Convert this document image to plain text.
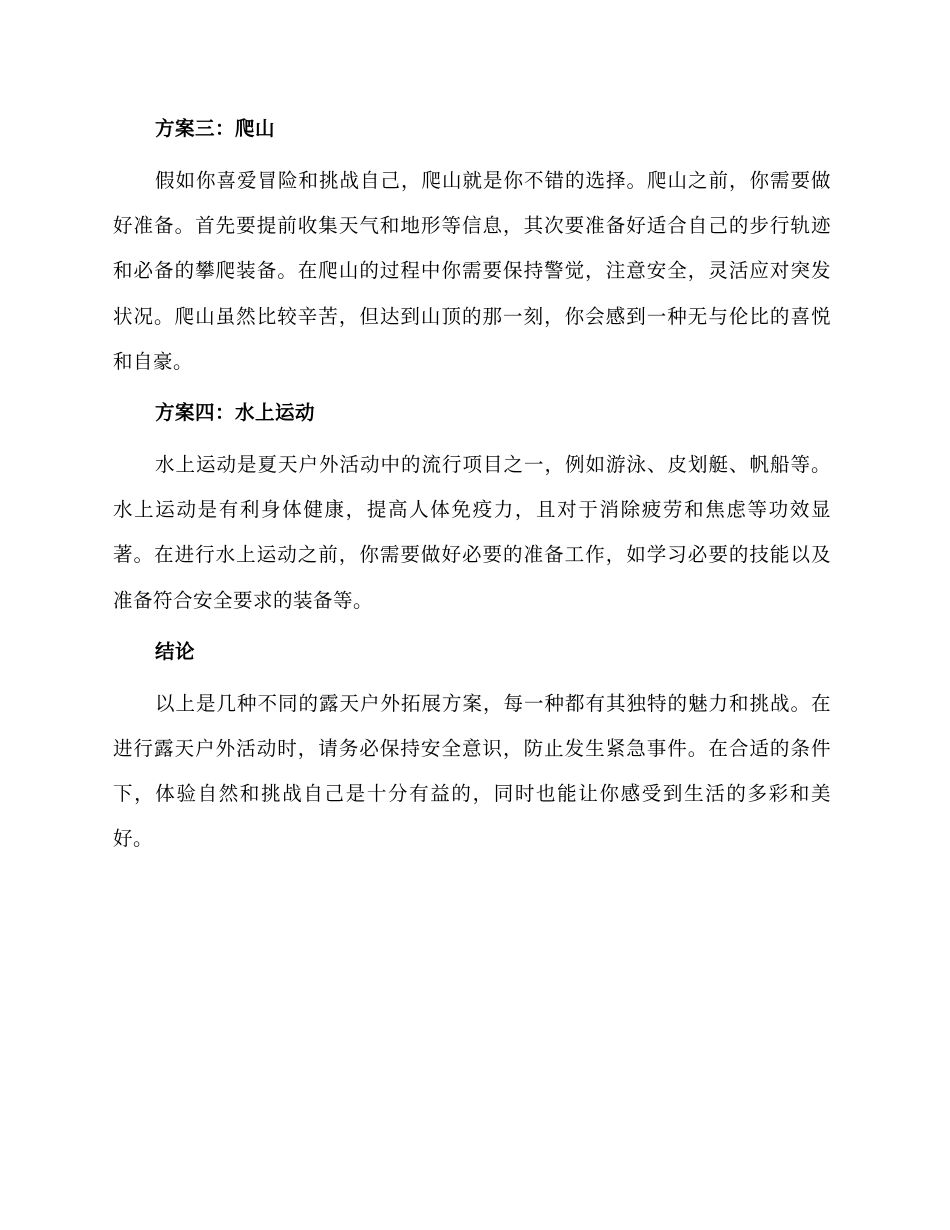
方案三：爬山

假如你喜爱冒险和挑战自己，爬山就是你不错的选择。爬山之前，你需要做好准备。首先要提前收集天气和地形等信息，其次要准备好适合自己的步行轨迹和必备的攀爬装备。在爬山的过程中你需要保持警觉，注意安全，灵活应对突发状况。爬山虽然比较辛苦，但达到山顶的那一刻，你会感到一种无与伦比的喜悦和自豪。

方案四：水上运动

水上运动是夏天户外活动中的流行项目之一，例如游泳、皮划艇、帆船等。水上运动是有利身体健康，提高人体免疫力，且对于消除疲劳和焦虑等功效显著。在进行水上运动之前，你需要做好必要的准备工作，如学习必要的技能以及准备符合安全要求的装备等。

结论

以上是几种不同的露天户外拓展方案，每一种都有其独特的魅力和挑战。在进行露天户外活动时，请务必保持安全意识，防止发生紧急事件。在合适的条件下，体验自然和挑战自己是十分有益的，同时也能让你感受到生活的多彩和美好。
